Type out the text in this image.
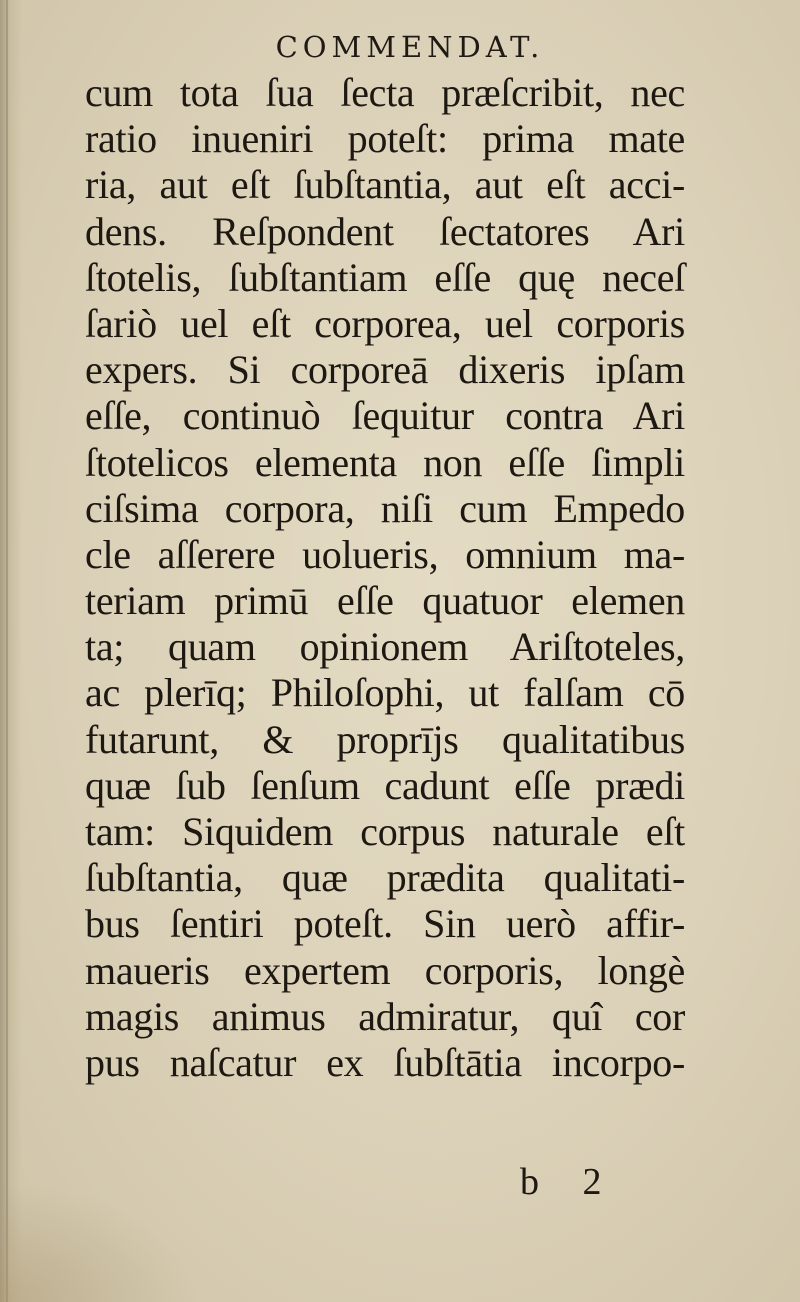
COMMENDAT.
cum tota ſua ſecta præſcribit, nec
ratio inueniri poteſt: prima mate
ria, aut eſt ſubſtantia, aut eſt acci-
dens. Reſpondent ſectatores Ari
ſtotelis, ſubſtantiam eſſe quę neceſ
ſariò uel eſt corporea, uel corporis
expers. Si corporeā dixeris ipſam
eſſe, continuò ſequitur contra Ari
ſtotelicos elementa non eſſe ſimpli
ciſsima corpora, niſi cum Empedo
cle aſſerere uolueris, omnium ma-
teriam primū eſſe quatuor elemen
ta; quam opinionem Ariſtoteles,
ac plerīq; Philoſophi, ut falſam cō
futarunt, & proprījs qualitatibus
quæ ſub ſenſum cadunt eſſe prædi
tam: Siquidem corpus naturale eſt
ſubſtantia, quæ prædita qualitati-
bus ſentiri poteſt. Sin uerò affir-
maueris expertem corporis, longè
magis animus admiratur, quî cor
pus naſcatur ex ſubſtātia incorpo-
b 2
